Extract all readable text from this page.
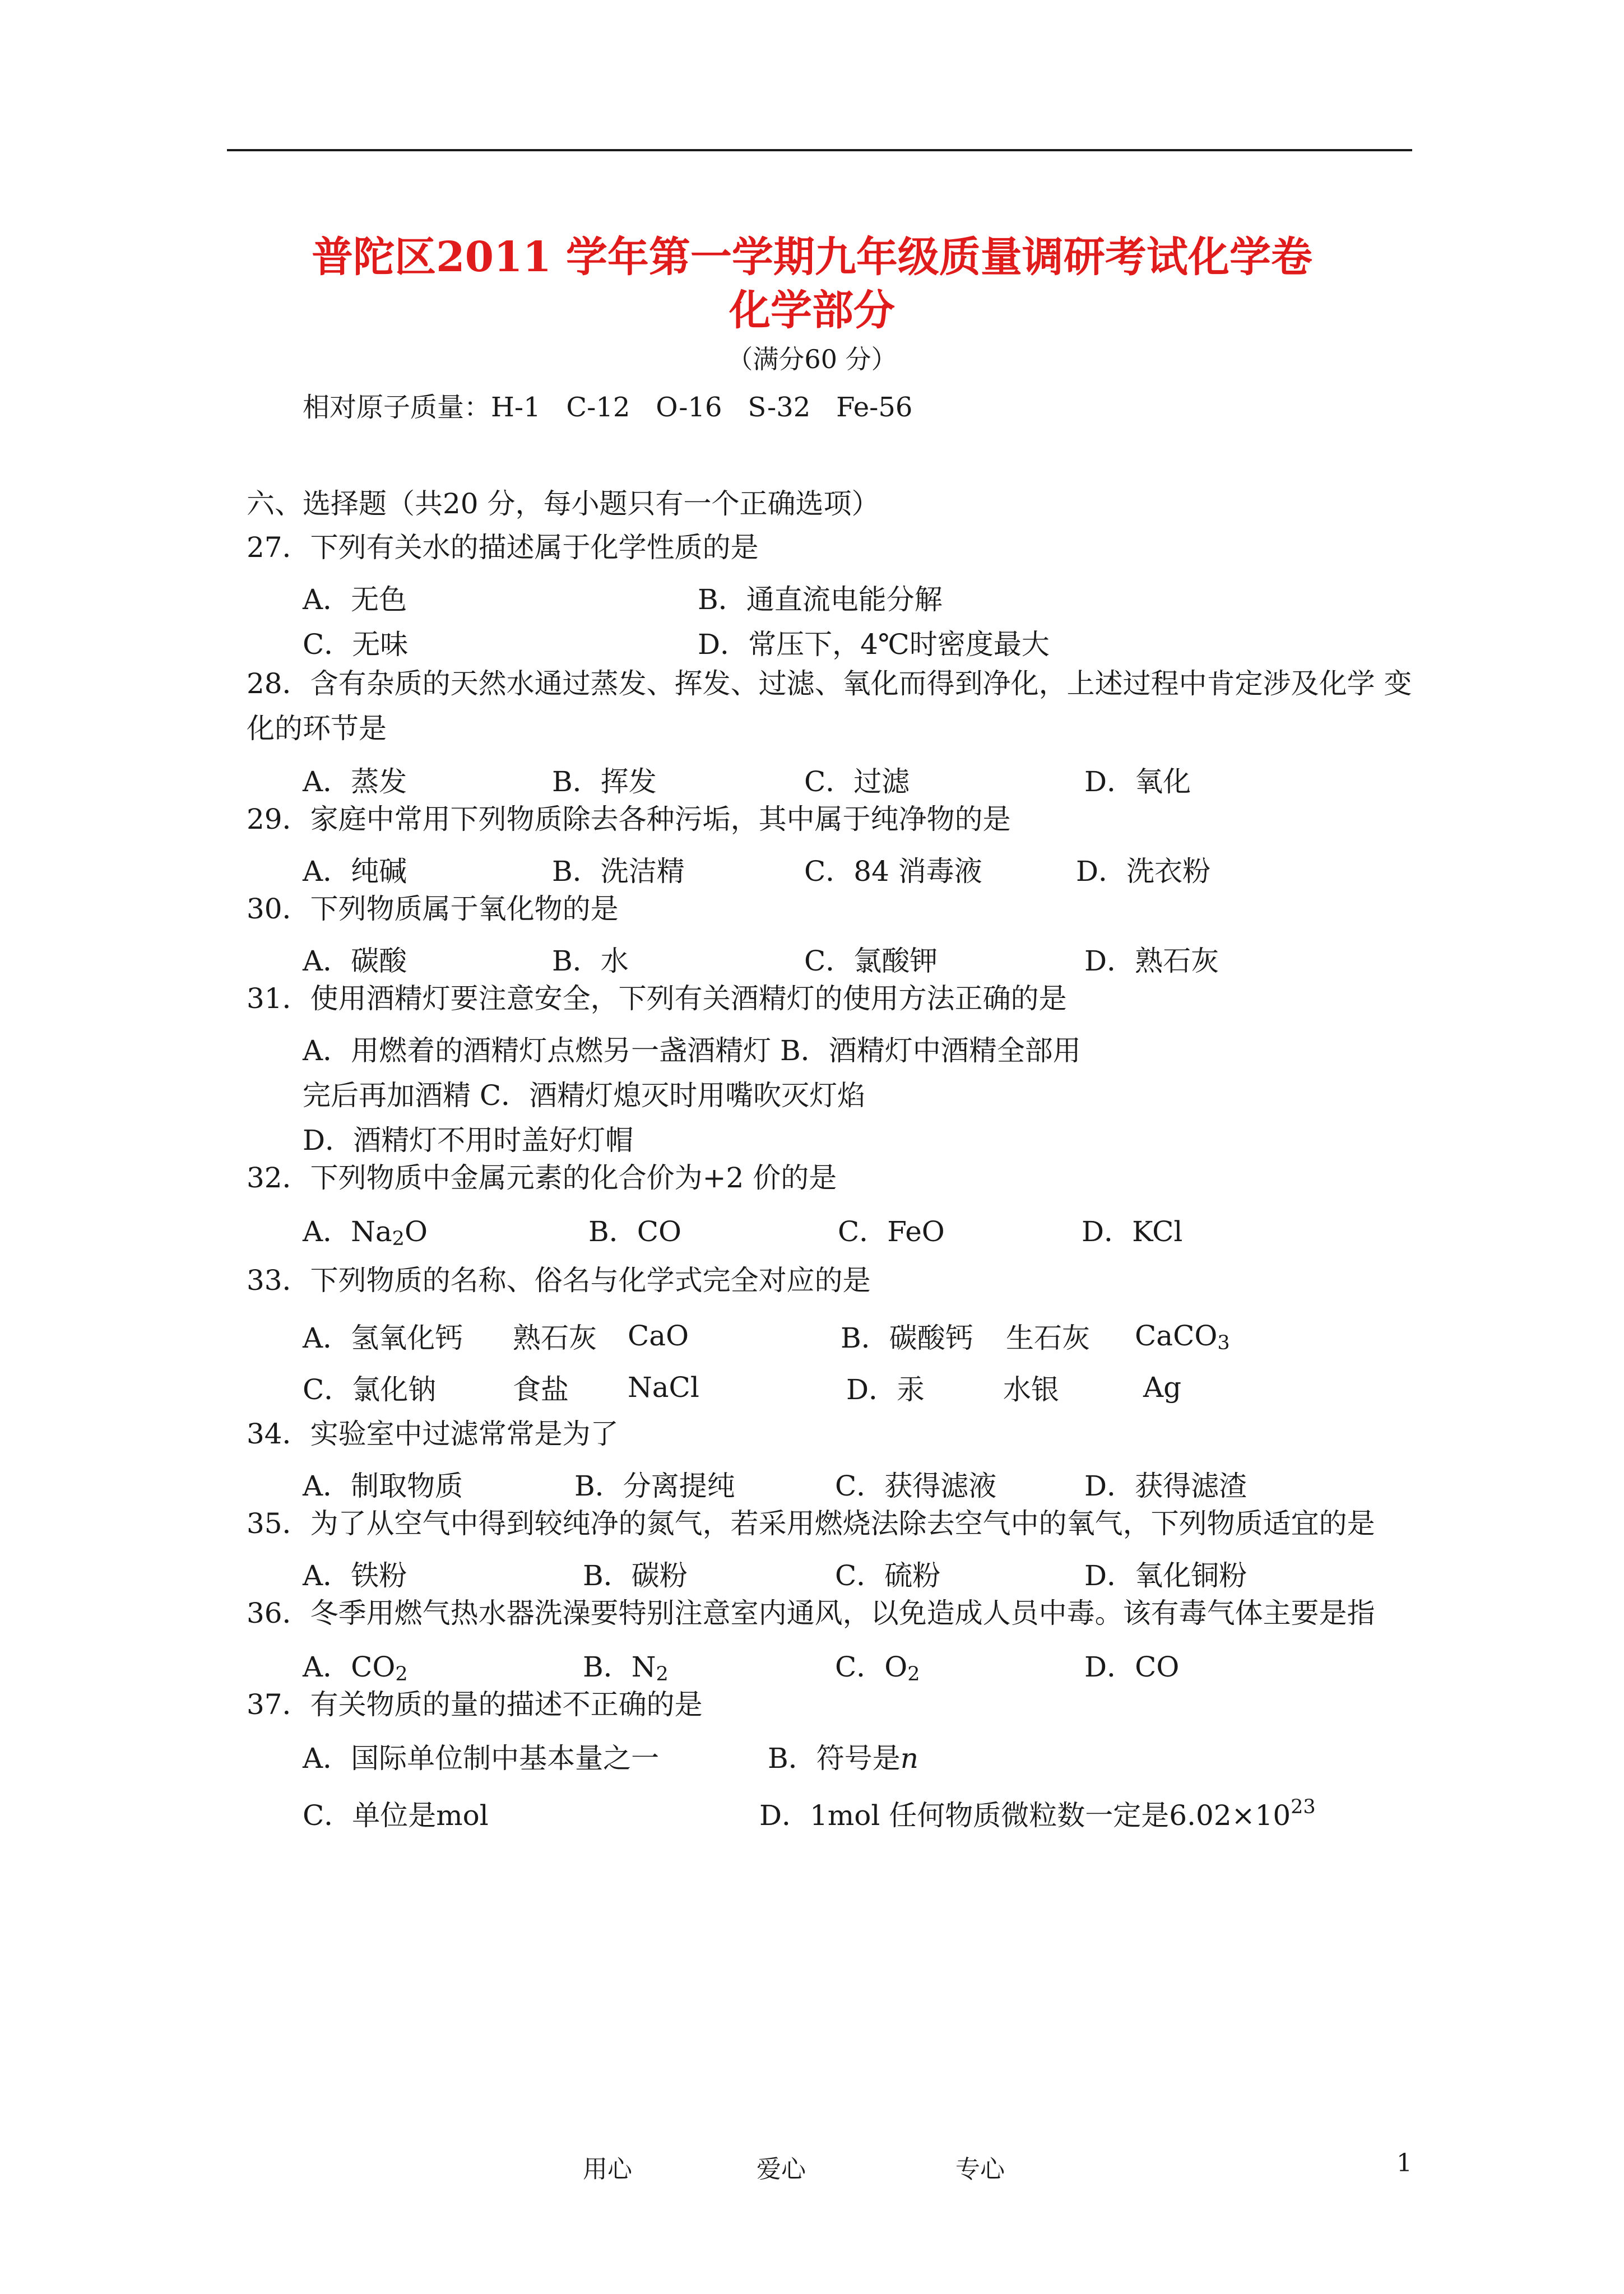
普陀区2011 学年第一学期九年级质量调研考试化学卷
化学部分
（满分60 分）
相对原子质量：H-1   C-12   O-16   S-32   Fe-56
六、选择题（共20 分，每小题只有一个正确选项）
27．下列有关水的描述属于化学性质的是
A．无色	B．通直流电能分解
C．无味	D．常压下，4℃时密度最大
28．含有杂质的天然水通过蒸发、挥发、过滤、氧化而得到净化，上述过程中肯定涉及化学 变
化的环节是
A．蒸发	B．挥发	C．过滤	D．氧化
29．家庭中常用下列物质除去各种污垢，其中属于纯净物的是
A．纯碱	B．洗洁精	C．84 消毒液	D．洗衣粉
30．下列物质属于氧化物的是
A．碳酸	B．水	C．氯酸钾	D．熟石灰
31．使用酒精灯要注意安全，下列有关酒精灯的使用方法正确的是
A．用燃着的酒精灯点燃另一盏酒精灯 B．酒精灯中酒精全部用
完后再加酒精 C．酒精灯熄灭时用嘴吹灭灯焰
D．酒精灯不用时盖好灯帽
32．下列物质中金属元素的化合价为+2 价的是
A．$Na_2O$	B．CO	C．FeO	D．KCl
33．下列物质的名称、俗名与化学式完全对应的是
A．氢氧化钙 熟石灰 CaO	B．碳酸钙 生石灰 CaCO$_3$
C．氯化钠	食盐 NaCl	D．汞	水银	Ag
34．实验室中过滤常常是为了
A．制取物质	B．分离提纯	C．获得滤液	D．获得滤渣
35．为了从空气中得到较纯净的氮气，若采用燃烧法除去空气中的氧气，下列物质适宜的是
A．铁粉	B．碳粉	C．硫粉	D．氧化铜粉
36．冬季用燃气热水器洗澡要特别注意室内通风，以免造成人员中毒。该有毒气体主要是指
A．$CO_2$	B．$N_2$	C．$O_2$	D．CO
37．有关物质的量的描述不正确的是
A．国际单位制中基本量之一	B．符号是n
C．单位是mol	D．1mol 任何物质微粒数一定是$6.02\times 10^{23}$
用心	爱心	专心	1
